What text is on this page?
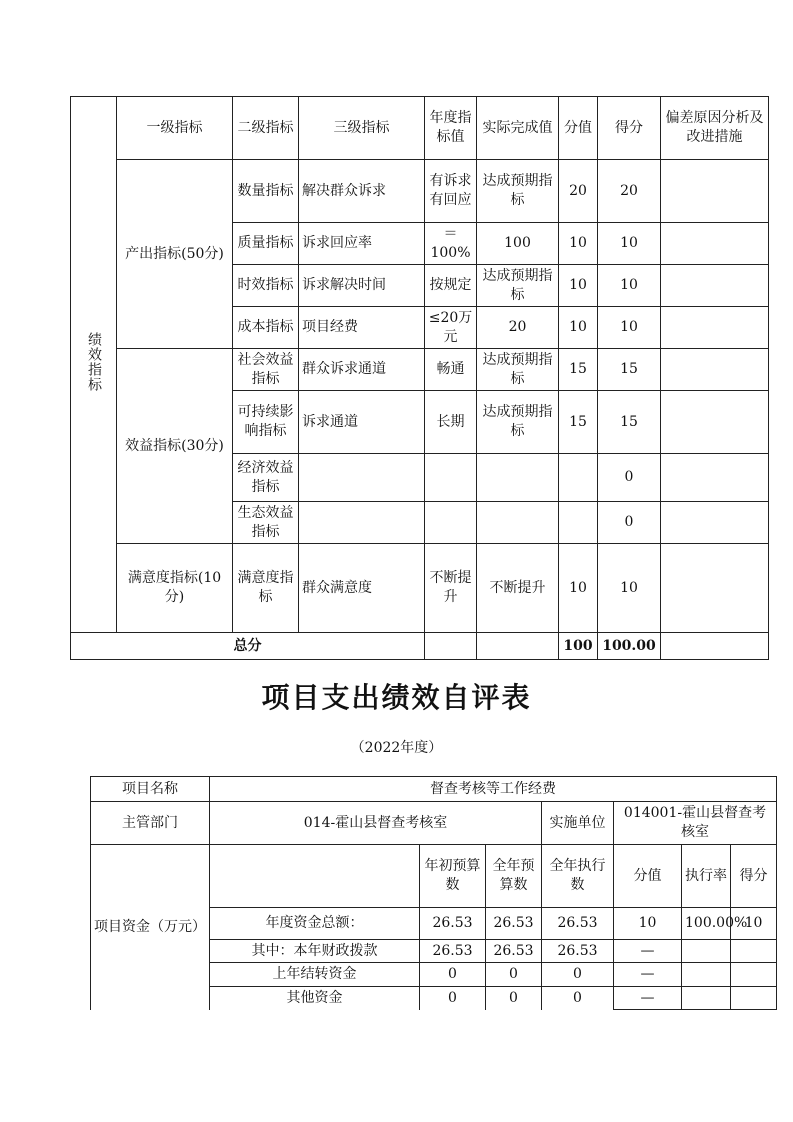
绩效指标	一级指标	二级指标	三级指标	年度指标值	实际完成值	分值	得分	偏差原因分析及改进措施
	产出指标(50分)	数量指标	解决群众诉求	有诉求有回应	达成预期指标	20	20	
		质量指标	诉求回应率	＝100%	100	10	10	
		时效指标	诉求解决时间	按规定	达成预期指标	10	10	
		成本指标	项目经费	≤20万元	20	10	10	
	效益指标(30分)	社会效益指标	群众诉求通道	畅通	达成预期指标	15	15	
		可持续影响指标	诉求通道	长期	达成预期指标	15	15	
		经济效益指标					0	
		生态效益指标					0	
	满意度指标(10分)	满意度指标	群众满意度	不断提升	不断提升	10	10	
总分						100	100.00	
项目支出绩效自评表
（2022年度）
项目名称	督查考核等工作经费						
主管部门	014-霍山县督查考核室			实施单位	014001-霍山县督查考核室		
项目资金（万元）		年初预算数	全年预算数	全年执行数	分值	执行率	得分
	年度资金总额：	26.53	26.53	26.53	10	100.00%	10
	其中：本年财政拨款	26.53	26.53	26.53	—		
	上年结转资金	0	0	0	—		
	其他资金	0	0	0	—		
